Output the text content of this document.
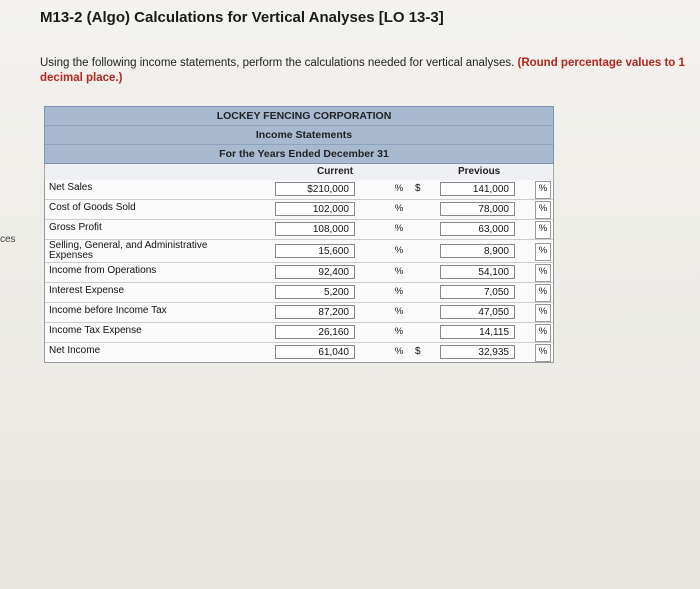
ces
M13-2 (Algo) Calculations for Vertical Analyses [LO 13-3]
Using the following income statements, perform the calculations needed for vertical analyses. (Round percentage values to 1 decimal place.)
LOCKEY FENCING CORPORATION
Income Statements
For the Years Ended December 31
Current	Previous
Net Sales	$210,000	% $	141,000	%
Cost of Goods Sold	102,000	%	78,000	%
Gross Profit	108,000	%	63,000	%
Selling, General, and Administrative Expenses	15,600	%	8,900	%
Income from Operations	92,400	%	54,100	%
Interest Expense	5,200	%	7,050	%
Income before Income Tax	87,200	%	47,050	%
Income Tax Expense	26,160	%	14,115	%
Net Income	61,040	% $	32,935	%
